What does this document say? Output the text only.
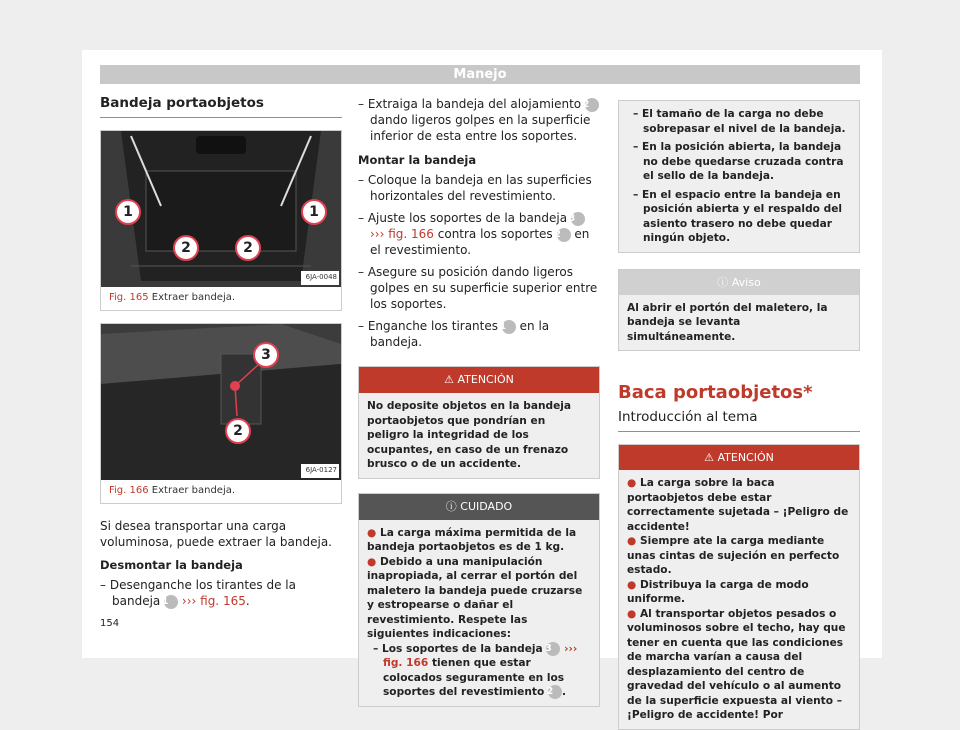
Manejo
Bandeja portaobjetos
6JA-0048
1	1
2	2
Fig. 165 Extraer bandeja.
6JA-0127
3
2
Fig. 166 Extraer bandeja.

Si desea transportar una carga voluminosa, puede extraer la bandeja.

Desmontar la bandeja

– Desenganche los tirantes de la bandeja 1 ››› fig. 165.

– Extraiga la bandeja del alojamiento 2 dando ligeros golpes en la superficie inferior de esta entre los soportes.

Montar la bandeja

– Coloque la bandeja en las superficies horizontales del revestimiento.

– Ajuste los soportes de la bandeja 3 ››› fig. 166 contra los soportes 2 en el revestimiento.

– Asegure su posición dando ligeros golpes en su superficie superior entre los soportes.

– Enganche los tirantes 1 en la bandeja.

⚠ ATENCIÓN
No deposite objetos en la bandeja portaobjetos que pondrían en peligro la integridad de los ocupantes, en caso de un frenazo brusco o de un accidente.
ⓘ CUIDADO

● La carga máxima permitida de la bandeja portaobjetos es de 1 kg.

● Debido a una manipulación inapropiada, al cerrar el portón del maletero la bandeja puede cruzarse y estropearse o dañar el revestimiento. Respete las siguientes indicaciones:

– Los soportes de la bandeja 3 ››› fig. 166 tienen que estar colocados seguramente en los soportes del revestimiento 2 .

– El tamaño de la carga no debe sobrepasar el nivel de la bandeja.

– En la posición abierta, la bandeja no debe quedarse cruzada contra el sello de la bandeja.

– En el espacio entre la bandeja en posición abierta y el respaldo del asiento trasero no debe quedar ningún objeto.

ⓘ Aviso
Al abrir el portón del maletero, la bandeja se levanta simultáneamente.
Baca portaobjetos*
Introducción al tema
⚠ ATENCIÓN

● La carga sobre la baca portaobjetos debe estar correctamente sujetada – ¡Peligro de accidente!

● Siempre ate la carga mediante unas cintas de sujeción en perfecto estado.

● Distribuya la carga de modo uniforme.

● Al transportar objetos pesados o voluminosos sobre el techo, hay que tener en cuenta que las condiciones de marcha varían a causa del desplazamiento del centro de gravedad del vehículo o al aumento de la superficie expuesta al viento – ¡Peligro de accidente! Por

154
